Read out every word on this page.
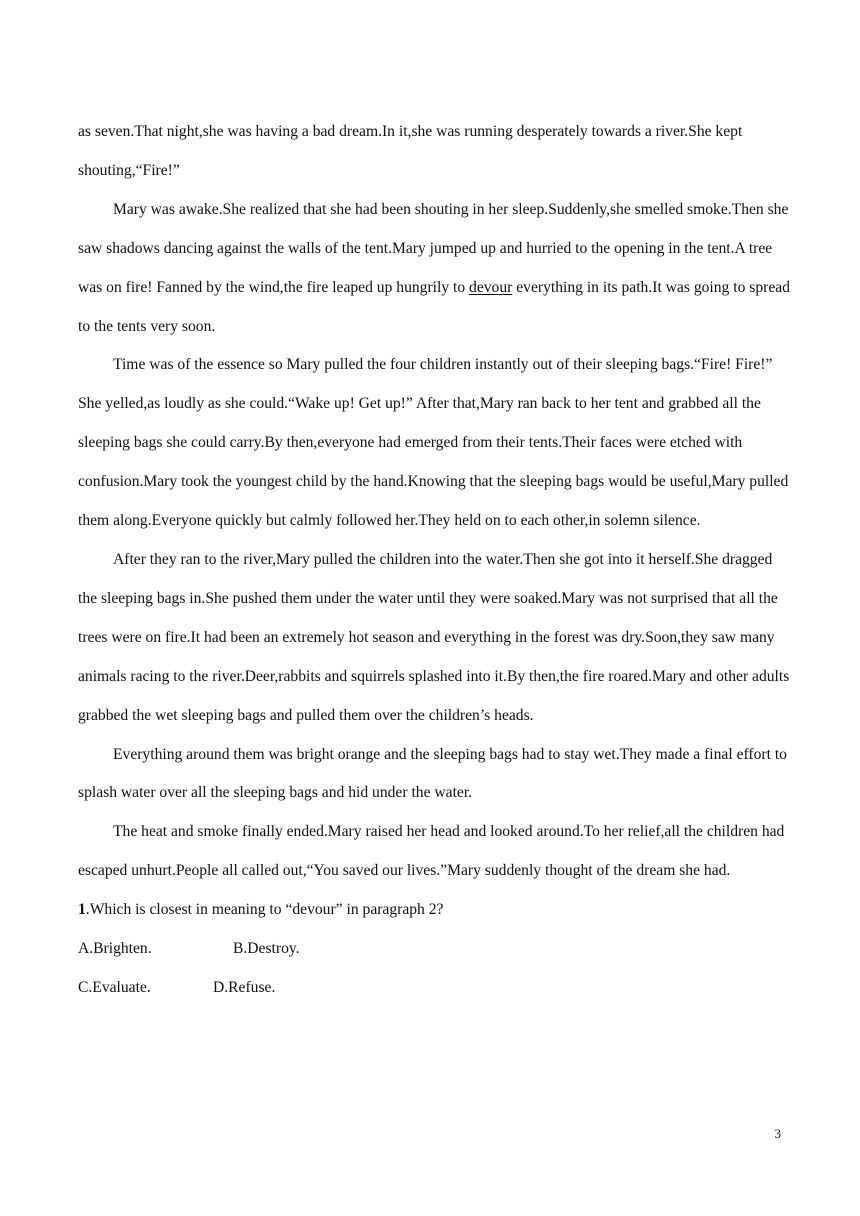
as seven.That night,she was having a bad dream.In it,she was running desperately towards a river.She kept shouting,“Fire!”

Mary was awake.She realized that she had been shouting in her sleep.Suddenly,she smelled smoke.Then she saw shadows dancing against the walls of the tent.Mary jumped up and hurried to the opening in the tent.A tree was on fire! Fanned by the wind,the fire leaped up hungrily to devour everything in its path.It was going to spread to the tents very soon.

Time was of the essence so Mary pulled the four children instantly out of their sleeping bags.“Fire! Fire!” She yelled,as loudly as she could.“Wake up! Get up!” After that,Mary ran back to her tent and grabbed all the sleeping bags she could carry.By then,everyone had emerged from their tents.Their faces were etched with confusion.Mary took the youngest child by the hand.Knowing that the sleeping bags would be useful,Mary pulled them along.Everyone quickly but calmly followed her.They held on to each other,in solemn silence.

After they ran to the river,Mary pulled the children into the water.Then she got into it herself.She dragged the sleeping bags in.She pushed them under the water until they were soaked.Mary was not surprised that all the trees were on fire.It had been an extremely hot season and everything in the forest was dry.Soon,they saw many animals racing to the river.Deer,rabbits and squirrels splashed into it.By then,the fire roared.Mary and other adults grabbed the wet sleeping bags and pulled them over the children’s heads.

Everything around them was bright orange and the sleeping bags had to stay wet.They made a final effort to splash water over all the sleeping bags and hid under the water.

The heat and smoke finally ended.Mary raised her head and looked around.To her relief,all the children had escaped unhurt.People all called out,“You saved our lives.”Mary suddenly thought of the dream she had.

1.Which is closest in meaning to “devour” in paragraph 2?

A.Brighten.	B.Destroy.
C.Evaluate.	D.Refuse.
3
